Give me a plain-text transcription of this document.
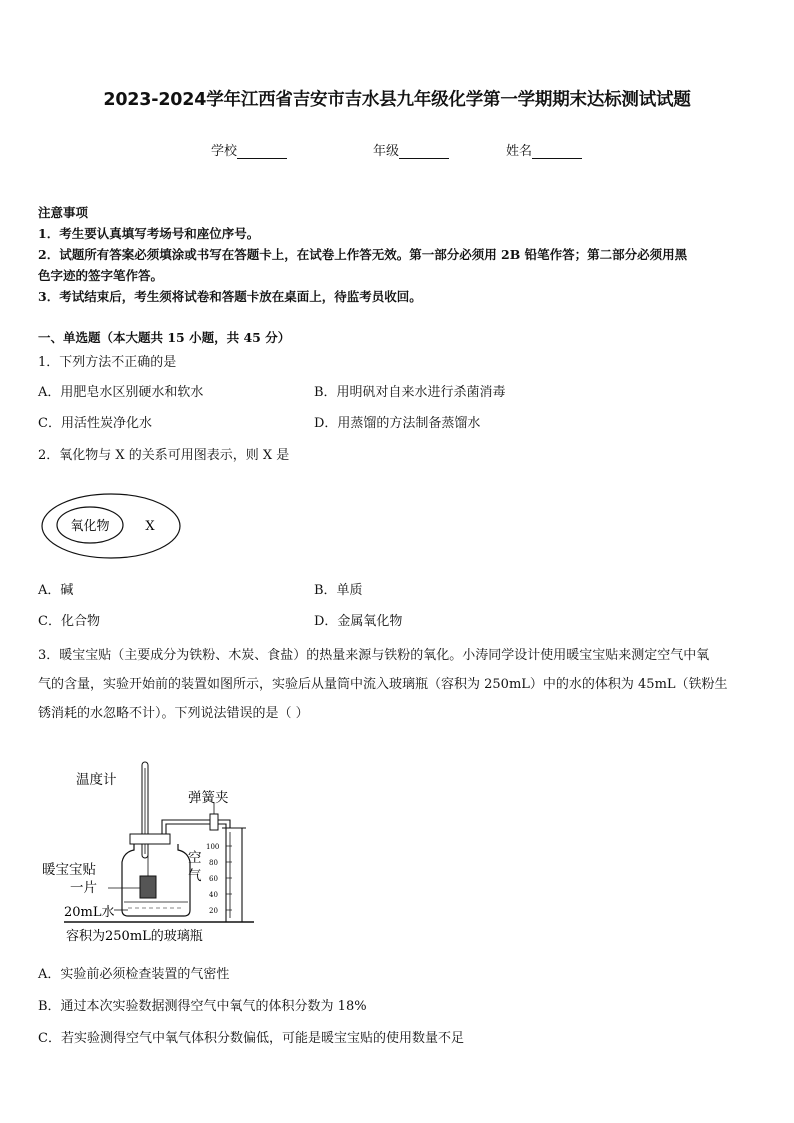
2023-2024学年江西省吉安市吉水县九年级化学第一学期期末达标测试试题
学校	年级	姓名
注意事项
1．考生要认真填写考场号和座位序号。
2．试题所有答案必须填涂或书写在答题卡上，在试卷上作答无效。第一部分必须用 2B 铅笔作答；第二部分必须用黑
色字迹的签字笔作答。
3．考试结束后，考生须将试卷和答题卡放在桌面上，待监考员收回。
一、单选题（本大题共 15 小题，共 45 分）
1．下列方法不正确的是
A．用肥皂水区别硬水和软水	B．用明矾对自来水进行杀菌消毒
C．用活性炭净化水	D．用蒸馏的方法制备蒸馏水
2．氧化物与 X 的关系可用图表示，则 X 是
氧化物	X
A．碱	B．单质
C．化合物	D．金属氧化物
3．暖宝宝贴（主要成分为铁粉、木炭、食盐）的热量来源与铁粉的氧化。小涛同学设计使用暖宝宝贴来测定空气中氧
气的含量，实验开始前的装置如图所示，实验后从量筒中流入玻璃瓶（容积为 250mL）中的水的体积为 45mL（铁粉生
锈消耗的水忽略不计）。下列说法错误的是（ ）
100
80
60
40
20
温度计
弹簧夹
空
气
暖宝宝贴
一片
20mL水
容积为250mL的玻璃瓶
A．实验前必须检查装置的气密性
B．通过本次实验数据测得空气中氧气的体积分数为 18%
C．若实验测得空气中氧气体积分数偏低，可能是暖宝宝贴的使用数量不足
